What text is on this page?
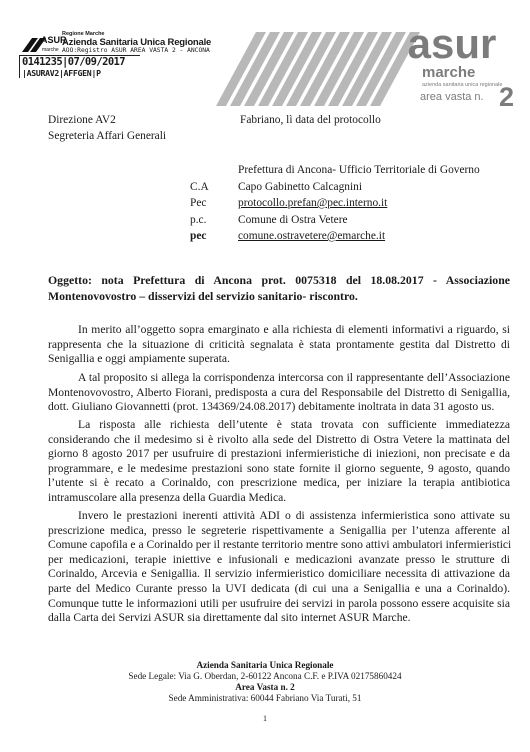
ASUR
marche
Regione Marche
Azienda Sanitaria Unica Regionale
AOO:Registro ASUR AREA VASTA 2 - ANCONA
0141235|07/09/2017
|ASURAV2|AFFGEN|P
asur
marche
azienda sanitaria unica regionale
area vasta n. 2
Direzione AV2
Segreteria Affari Generali
Fabriano, lì data del protocollo
Prefettura di Ancona- Ufficio Territoriale di Governo
C.A	Capo Gabinetto Calcagnini
Pec	protocollo.prefan@pec.interno.it
p.c.	Comune di Ostra Vetere
pec	comune.ostravetere@emarche.it
Oggetto: nota Prefettura di Ancona prot. 0075318 del 18.08.2017 - Associazione
Montenovovostro – disservizi del servizio sanitario- riscontro.
In merito all’oggetto sopra emarginato e alla richiesta di elementi informativi a riguardo, si
rappresenta che la situazione di criticità segnalata è stata prontamente gestita dal Distretto di
Senigallia e oggi ampiamente superata.
A tal proposito si allega la corrispondenza intercorsa con il rappresentante dell’Associazione
Montenovovostro, Alberto Fiorani, predisposta a cura del Responsabile del Distretto di Senigallia,
dott. Giuliano Giovannetti (prot. 134369/24.08.2017) debitamente inoltrata in data 31 agosto us.
La risposta alle richiesta dell’utente è stata trovata con sufficiente immediatezza
considerando che il medesimo si è rivolto alla sede del Distretto di Ostra Vetere la mattinata del
giorno 8 agosto 2017 per usufruire di prestazioni infermieristiche di iniezioni, non precisate e da
programmare, e le medesime prestazioni sono state fornite il giorno seguente, 9 agosto, quando
l’utente si è recato a Corinaldo, con prescrizione medica, per iniziare la terapia antibiotica
intramuscolare alla presenza della Guardia Medica.
Invero le prestazioni inerenti attività ADI o di assistenza infermieristica sono attivate su
prescrizione medica, presso le segreterie rispettivamente a Senigallia per l’utenza afferente al
Comune capofila e a Corinaldo per il restante territorio mentre sono attivi ambulatori infermieristici
per medicazioni, terapie iniettive e infusionali e medicazioni avanzate presso le strutture di
Corinaldo, Arcevia e Senigallia. Il servizio infermieristico domiciliare necessita di attivazione da
parte del Medico Curante presso la UVI dedicata (di cui una a Senigallia e una a Corinaldo).
Comunque tutte le informazioni utili per usufruire dei servizi in parola possono essere acquisite sia
dalla Carta dei Servizi ASUR sia direttamente dal sito internet ASUR Marche.
Azienda Sanitaria Unica Regionale
Sede Legale: Via G. Oberdan, 2-60122 Ancona C.F. e P.IVA 02175860424
Area Vasta n. 2
Sede Amministrativa: 60044 Fabriano Via Turati, 51
1
